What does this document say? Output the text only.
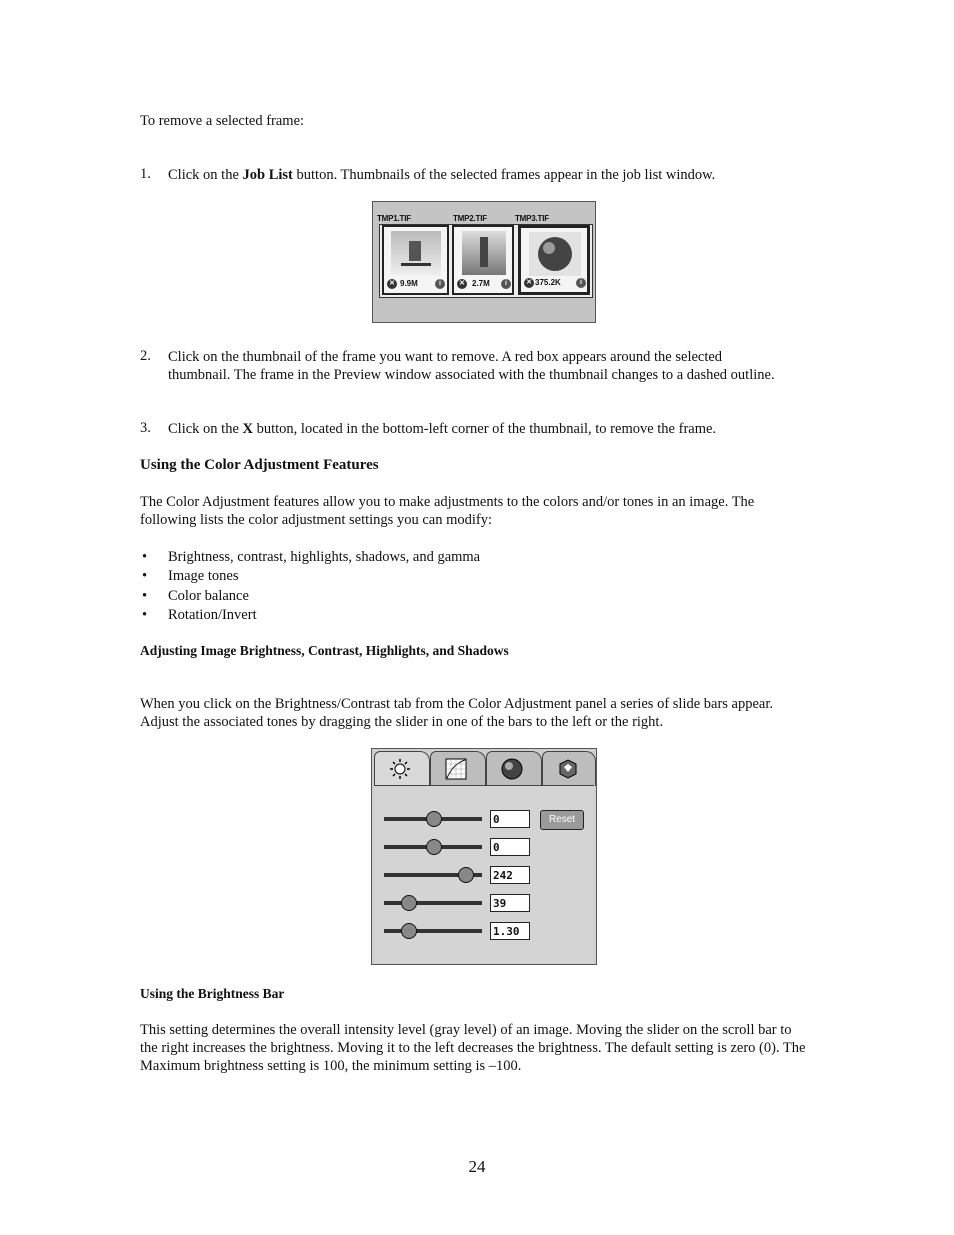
To remove a selected frame:
1. Click on the Job List button. Thumbnails of the selected frames appear in the job list window.
TMP1.TIF	TMP2.TIF	TMP3.TIF
✕ 9.9M	i	✕ 2.7M	i	✕ 375.2K	i
2. Click on the thumbnail of the frame you want to remove. A red box appears around the selected thumbnail. The frame in the Preview window associated with the thumbnail changes to a dashed outline.
3. Click on the X button, located in the bottom-left corner of the thumbnail, to remove the frame.
Using the Color Adjustment Features
The Color Adjustment features allow you to make adjustments to the colors and/or tones in an image. The following lists the color adjustment settings you can modify:
• Brightness, contrast, highlights, shadows, and gamma
• Image tones
• Color balance
• Rotation/Invert
Adjusting Image Brightness, Contrast, Highlights, and Shadows
When you click on the Brightness/Contrast tab from the Color Adjustment panel a series of slide bars appear. Adjust the associated tones by dragging the slider in one of the bars to the left or the right.
Reset
0
0
242
39
1.30
Using the Brightness Bar
This setting determines the overall intensity level (gray level) of an image. Moving the slider on the scroll bar to the right increases the brightness. Moving it to the left decreases the brightness. The default setting is zero (0). The Maximum brightness setting is 100, the minimum setting is –100.
24
